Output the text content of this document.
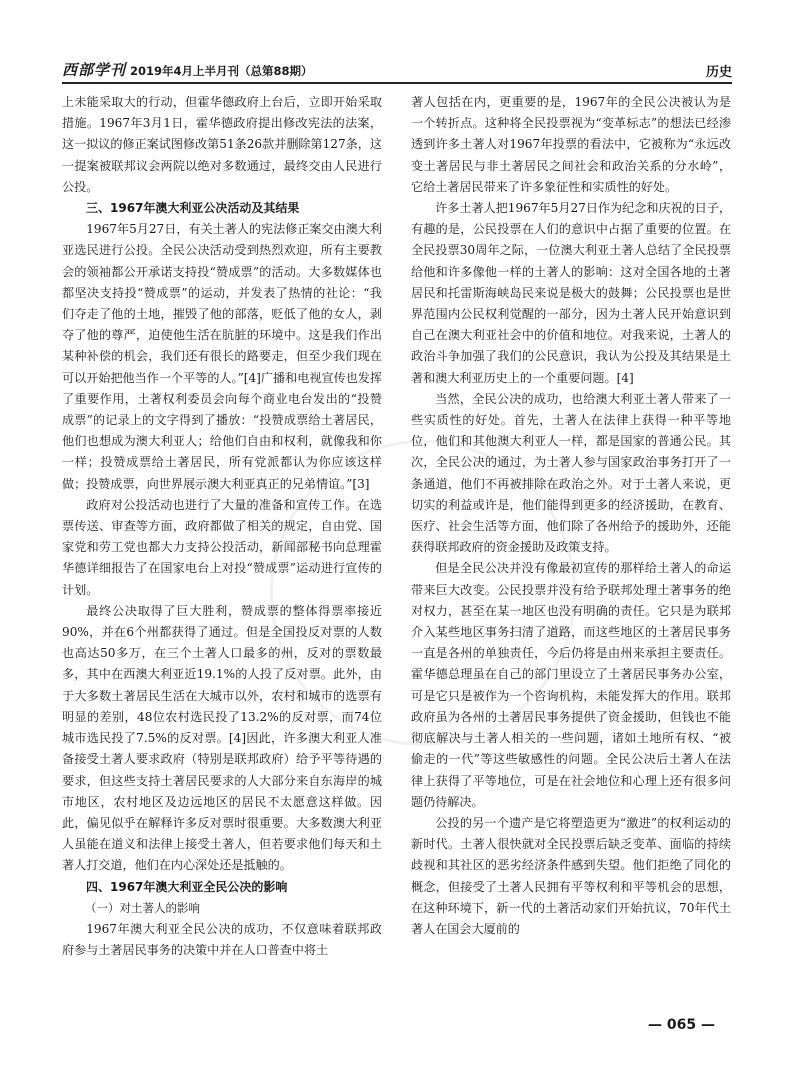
西部学刊 2019年4月上半月刊（总第88期）	历史

上未能采取大的行动，但霍华德政府上台后，立即开始采取措施。1967年3月1日，霍华德政府提出修改宪法的法案，这一拟议的修正案试图修改第51条26款并删除第127条，这一提案被联邦议会两院以绝对多数通过，最终交由人民进行公投。

三、1967年澳大利亚公决活动及其结果

1967年5月27日，有关土著人的宪法修正案交由澳大利亚选民进行公投。全民公决活动受到热烈欢迎，所有主要教会的领袖都公开承诺支持投“赞成票”的活动。大多数媒体也都坚决支持投“赞成票”的运动，并发表了热情的社论：“我们夺走了他的土地，摧毁了他的部落，贬低了他的女人，剥夺了他的尊严，迫使他生活在肮脏的环境中。这是我们作出某种补偿的机会，我们还有很长的路要走，但至少我们现在可以开始把他当作一个平等的人。”[4]广播和电视宣传也发挥了重要作用，土著权利委员会向每个商业电台发出的“投赞成票”的记录上的文字得到了播放：“投赞成票给土著居民，他们也想成为澳大利亚人；给他们自由和权利，就像我和你一样；投赞成票给土著居民，所有党派都认为你应该这样做；投赞成票，向世界展示澳大利亚真正的兄弟情谊。”[3]

政府对公投活动也进行了大量的准备和宣传工作。在选票传送、审查等方面，政府都做了相关的规定，自由党、国家党和劳工党也都大力支持公投活动，新闻部秘书向总理霍华德详细报告了在国家电台上对投“赞成票”运动进行宣传的计划。

最终公决取得了巨大胜利，赞成票的整体得票率接近90%，并在6个州都获得了通过。但是全国投反对票的人数也高达50多万，在三个土著人口最多的州，反对的票数最多，其中在西澳大利亚近19.1%的人投了反对票。此外，由于大多数土著居民生活在大城市以外，农村和城市的选票有明显的差别，48位农村选民投了13.2%的反对票，而74位城市选民投了7.5%的反对票。[4]因此，许多澳大利亚人准备接受土著人要求政府（特别是联邦政府）给予平等待遇的要求，但这些支持土著居民要求的人大部分来自东海岸的城市地区，农村地区及边远地区的居民不太愿意这样做。因此，偏见似乎在解释许多反对票时很重要。大多数澳大利亚人虽能在道义和法律上接受土著人，但若要求他们每天和土著人打交道，他们在内心深处还是抵触的。

四、1967年澳大利亚全民公决的影响
（一）对土著人的影响

1967年澳大利亚全民公决的成功，不仅意味着联邦政府参与土著居民事务的决策中并在人口普查中将土

著人包括在内，更重要的是，1967年的全民公决被认为是一个转折点。这种将全民投票视为“变革标志”的想法已经渗透到许多土著人对1967年投票的看法中，它被称为“永远改变土著居民与非土著居民之间社会和政治关系的分水岭”，它给土著居民带来了许多象征性和实质性的好处。

许多土著人把1967年5月27日作为纪念和庆祝的日子，有趣的是，公民投票在人们的意识中占据了重要的位置。在全民投票30周年之际，一位澳大利亚土著人总结了全民投票给他和许多像他一样的土著人的影响：这对全国各地的土著居民和托雷斯海峡岛民来说是极大的鼓舞；公民投票也是世界范围内公民权利觉醒的一部分，因为土著人民开始意识到自己在澳大利亚社会中的价值和地位。对我来说，土著人的政治斗争加强了我们的公民意识，我认为公投及其结果是土著和澳大利亚历史上的一个重要问题。[4]

当然，全民公决的成功，也给澳大利亚土著人带来了一些实质性的好处。首先，土著人在法律上获得一种平等地位，他们和其他澳大利亚人一样，都是国家的普通公民。其次，全民公决的通过，为土著人参与国家政治事务打开了一条通道，他们不再被排除在政治之外。对于土著人来说，更切实的利益或许是，他们能得到更多的经济援助，在教育、医疗、社会生活等方面，他们除了各州给予的援助外，还能获得联邦政府的资金援助及政策支持。

但是全民公决并没有像最初宣传的那样给土著人的命运带来巨大改变。公民投票并没有给予联邦处理土著事务的绝对权力，甚至在某一地区也没有明确的责任。它只是为联邦介入某些地区事务扫清了道路，而这些地区的土著居民事务一直是各州的单独责任，今后仍将是由州来承担主要责任。霍华德总理虽在自己的部门里设立了土著居民事务办公室，可是它只是被作为一个咨询机构，未能发挥大的作用。联邦政府虽为各州的土著居民事务提供了资金援助，但钱也不能彻底解决与土著人相关的一些问题，诸如土地所有权、“被偷走的一代”等这些敏感性的问题。全民公决后土著人在法律上获得了平等地位，可是在社会地位和心理上还有很多问题仍待解决。

公投的另一个遗产是它将塑造更为“激进”的权利运动的新时代。土著人很快就对全民投票后缺乏变革、面临的持续歧视和其社区的恶劣经济条件感到失望。他们拒绝了同化的概念，但接受了土著人民拥有平等权利和平等机会的思想，在这种环境下，新一代的土著活动家们开始抗议，70年代土著人在国会大厦前的

— 065 —
